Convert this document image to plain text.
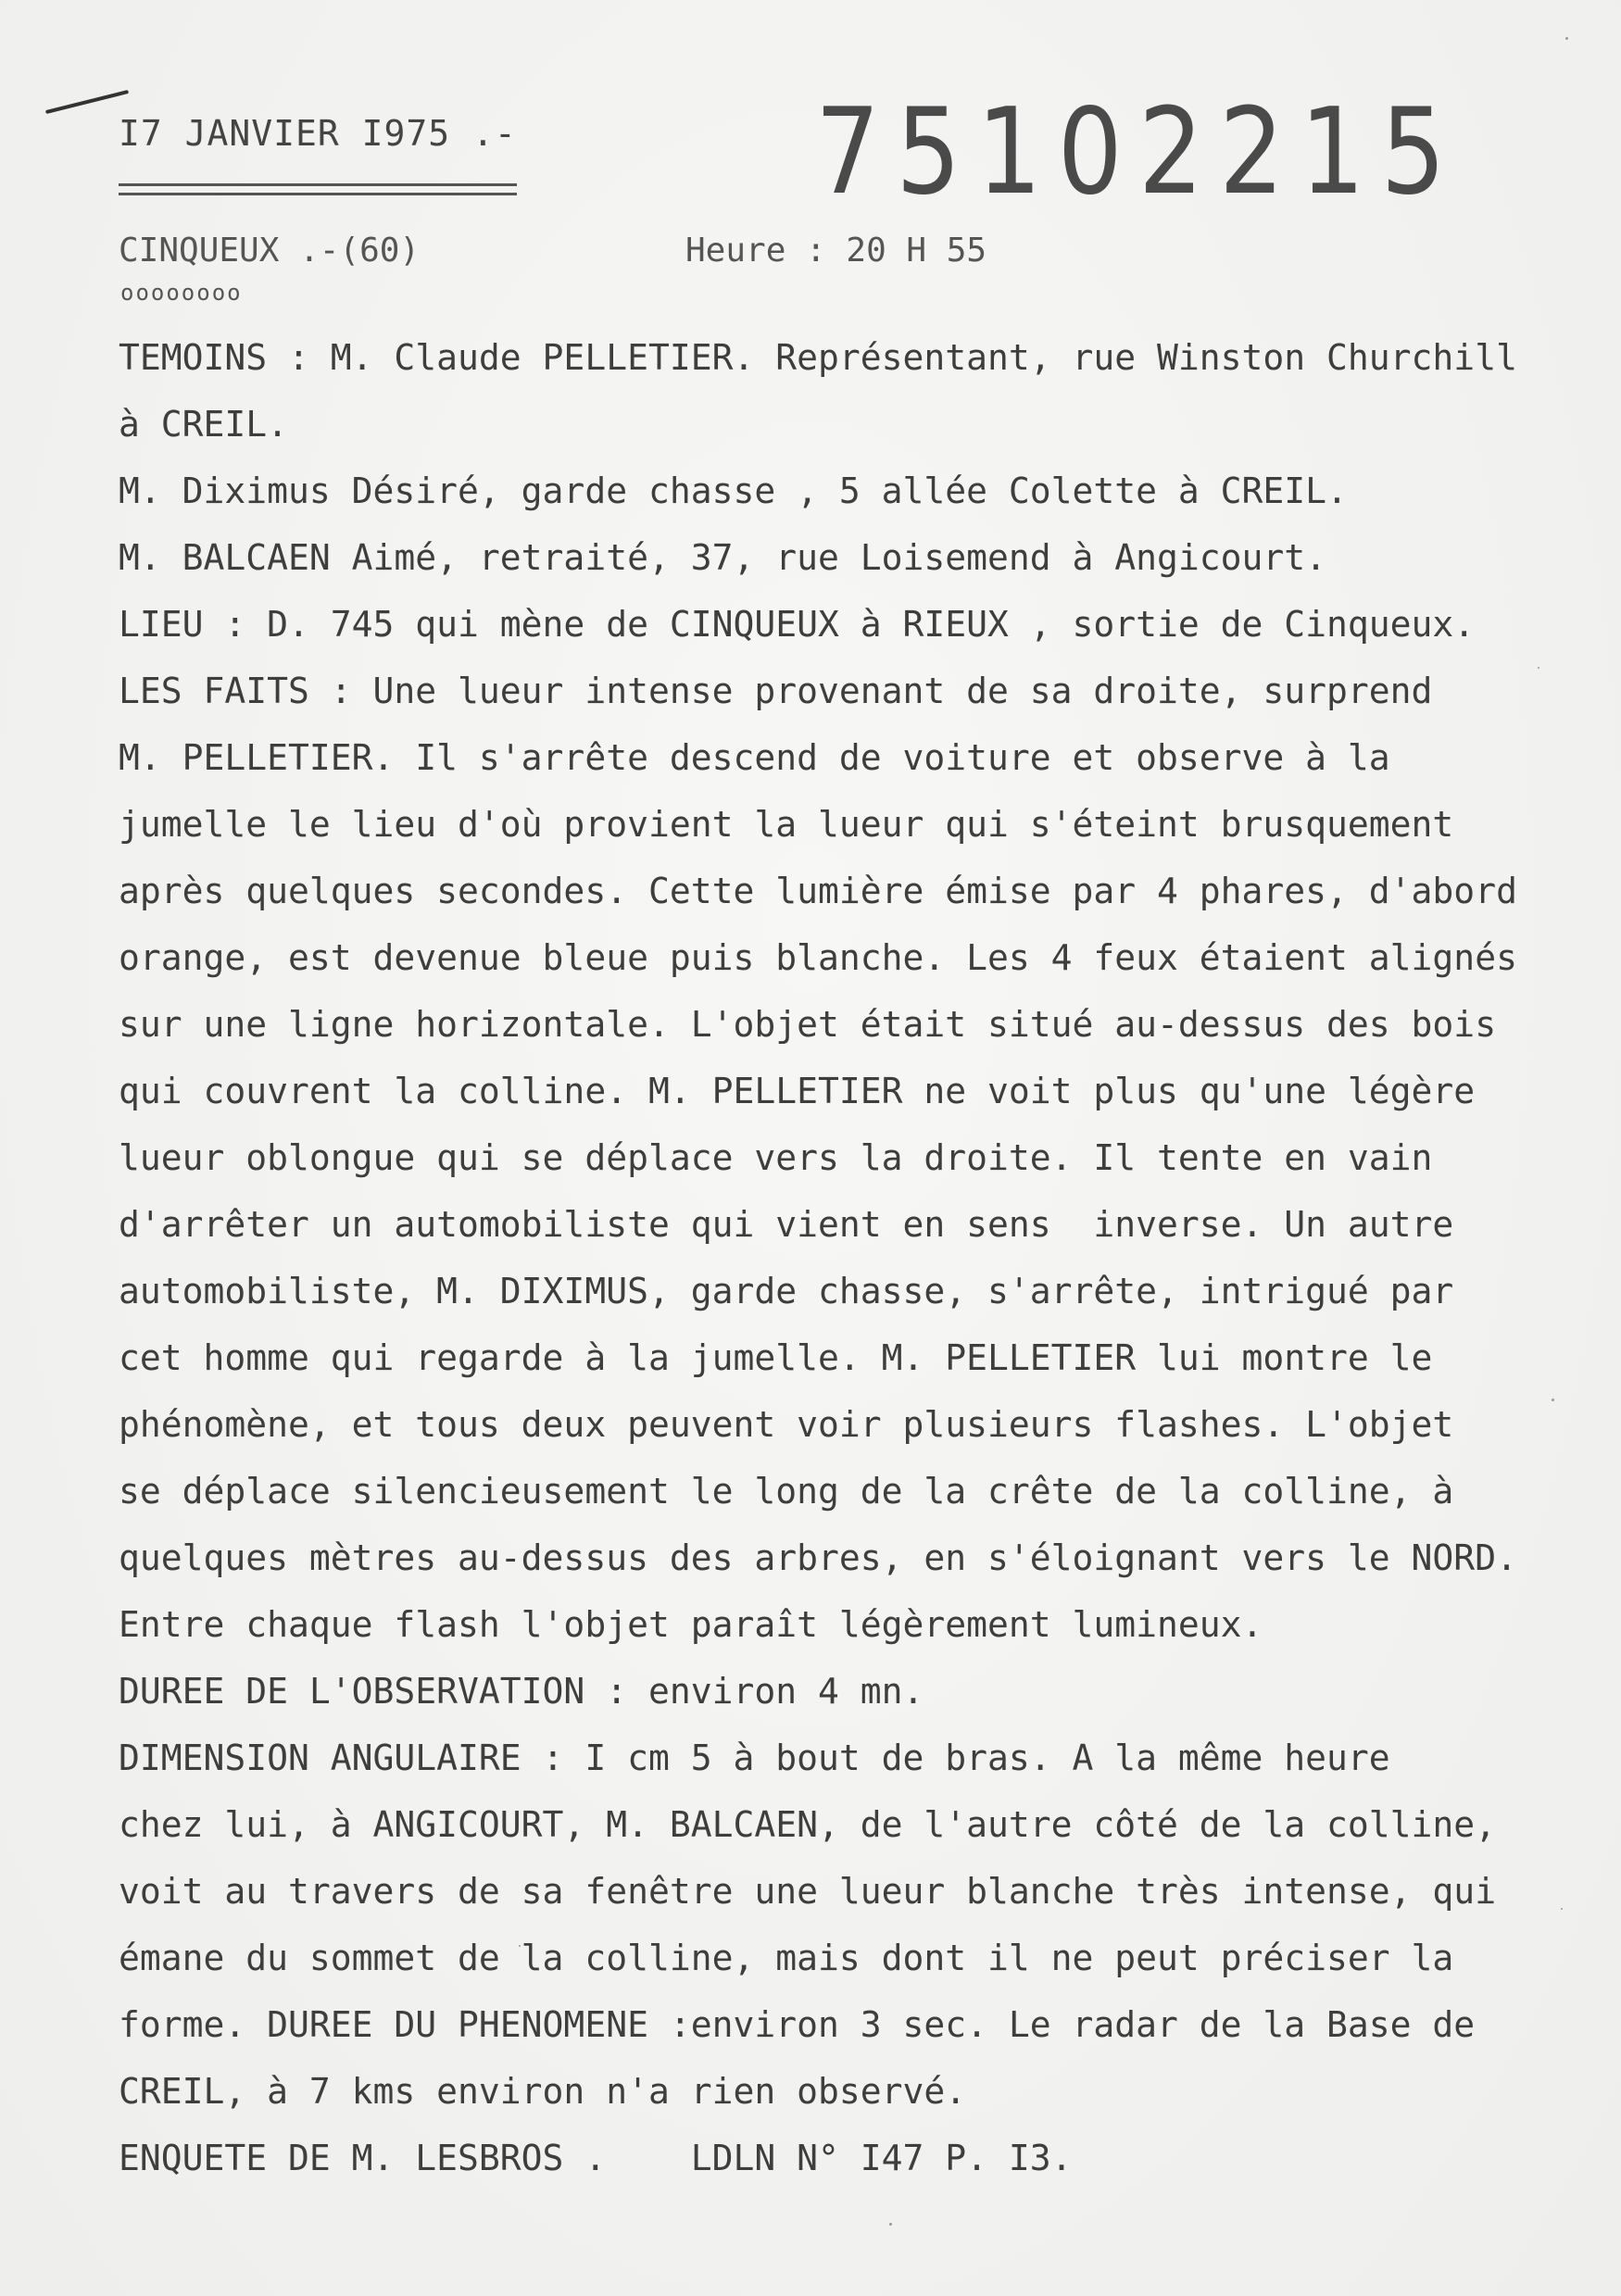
I7 JANVIER I975 .-	75102215
CINQUEUX .-(60)	Heure : 20 H 55
oooooooo
TEMOINS : M. Claude PELLETIER. Représentant, rue Winston Churchill
à CREIL.
M. Diximus Désiré, garde chasse , 5 allée Colette à CREIL.
M. BALCAEN Aimé, retraité, 37, rue Loisemend à Angicourt.
LIEU : D. 745 qui mène de CINQUEUX à RIEUX , sortie de Cinqueux.
LES FAITS : Une lueur intense provenant de sa droite, surprend
M. PELLETIER. Il s'arrête descend de voiture et observe à la
jumelle le lieu d'où provient la lueur qui s'éteint brusquement
après quelques secondes. Cette lumière émise par 4 phares, d'abord
orange, est devenue bleue puis blanche. Les 4 feux étaient alignés
sur une ligne horizontale. L'objet était situé au-dessus des bois
qui couvrent la colline. M. PELLETIER ne voit plus qu'une légère
lueur oblongue qui se déplace vers la droite. Il tente en vain
d'arrêter un automobiliste qui vient en sens  inverse. Un autre
automobiliste, M. DIXIMUS, garde chasse, s'arrête, intrigué par
cet homme qui regarde à la jumelle. M. PELLETIER lui montre le
phénomène, et tous deux peuvent voir plusieurs flashes. L'objet
se déplace silencieusement le long de la crête de la colline, à
quelques mètres au-dessus des arbres, en s'éloignant vers le NORD.
Entre chaque flash l'objet paraît légèrement lumineux.
DUREE DE L'OBSERVATION : environ 4 mn.
DIMENSION ANGULAIRE : I cm 5 à bout de bras. A la même heure
chez lui, à ANGICOURT, M. BALCAEN, de l'autre côté de la colline,
voit au travers de sa fenêtre une lueur blanche très intense, qui
émane du sommet de la colline, mais dont il ne peut préciser la
forme. DUREE DU PHENOMENE :environ 3 sec. Le radar de la Base de
CREIL, à 7 kms environ n'a rien observé.
ENQUETE DE M. LESBROS .    LDLN N° I47 P. I3.
